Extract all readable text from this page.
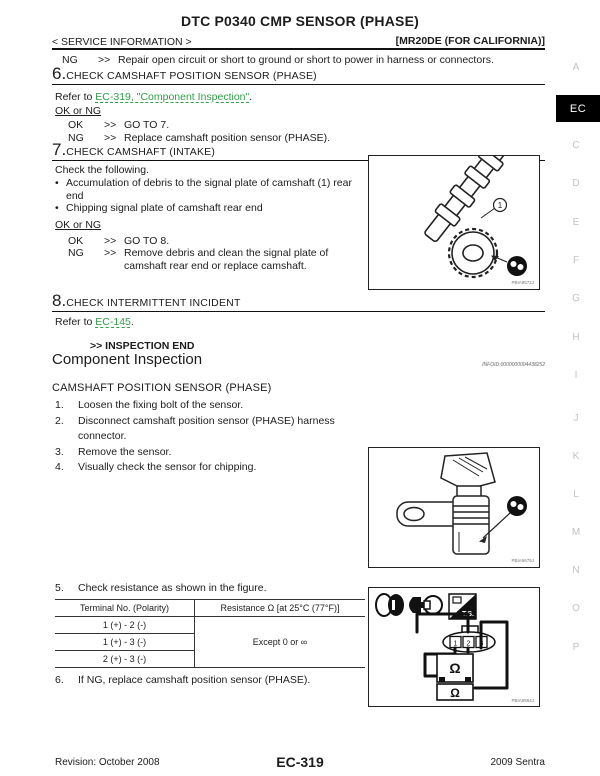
DTC P0340 CMP SENSOR (PHASE)
< SERVICE INFORMATION >	[MR20DE (FOR CALIFORNIA)]
NG	>> Repair open circuit or short to ground or short to power in harness or connectors.
6. CHECK CAMSHAFT POSITION SENSOR (PHASE)
Refer to EC-319, "Component Inspection".
OK or NG
OK	>> GO TO 7.
NG	>> Replace camshaft position sensor (PHASE).
7. CHECK CAMSHAFT (INTAKE)
Check the following.
• Accumulation of debris to the signal plate of camshaft (1) rear end
• Chipping signal plate of camshaft rear end
OK or NG
OK	>> GO TO 8.
NG	>> Remove debris and clean the signal plate of camshaft rear end or replace camshaft.
1
PBIA9572J
8. CHECK INTERMITTENT INCIDENT
Refer to EC-145.
>> INSPECTION END
Component Inspection	INFOID:0000000004438252
CAMSHAFT POSITION SENSOR (PHASE)
1.	Loosen the fixing bolt of the sensor.
2.	Disconnect camshaft position sensor (PHASE) harness connector.
3.	Remove the sensor.
4.	Visually check the sensor for chipping.
PBIA9675J
5.	Check resistance as shown in the figure.
Terminal No. (Polarity)	Resistance Ω [at 25°C (77°F)]
1 (+) - 2 (-)	Except 0 or ∞
1 (+) - 3 (-)	
2 (+) - 3 (-)	
6.	If NG, replace camshaft position sensor (PHASE).
T.S.
1 2 3
Ω
Ω
PBIA9584J
A
EC
C
D
E
F
G
H
I
J
K
L
M
N
O
P
Revision: October 2008	EC-319	2009 Sentra
